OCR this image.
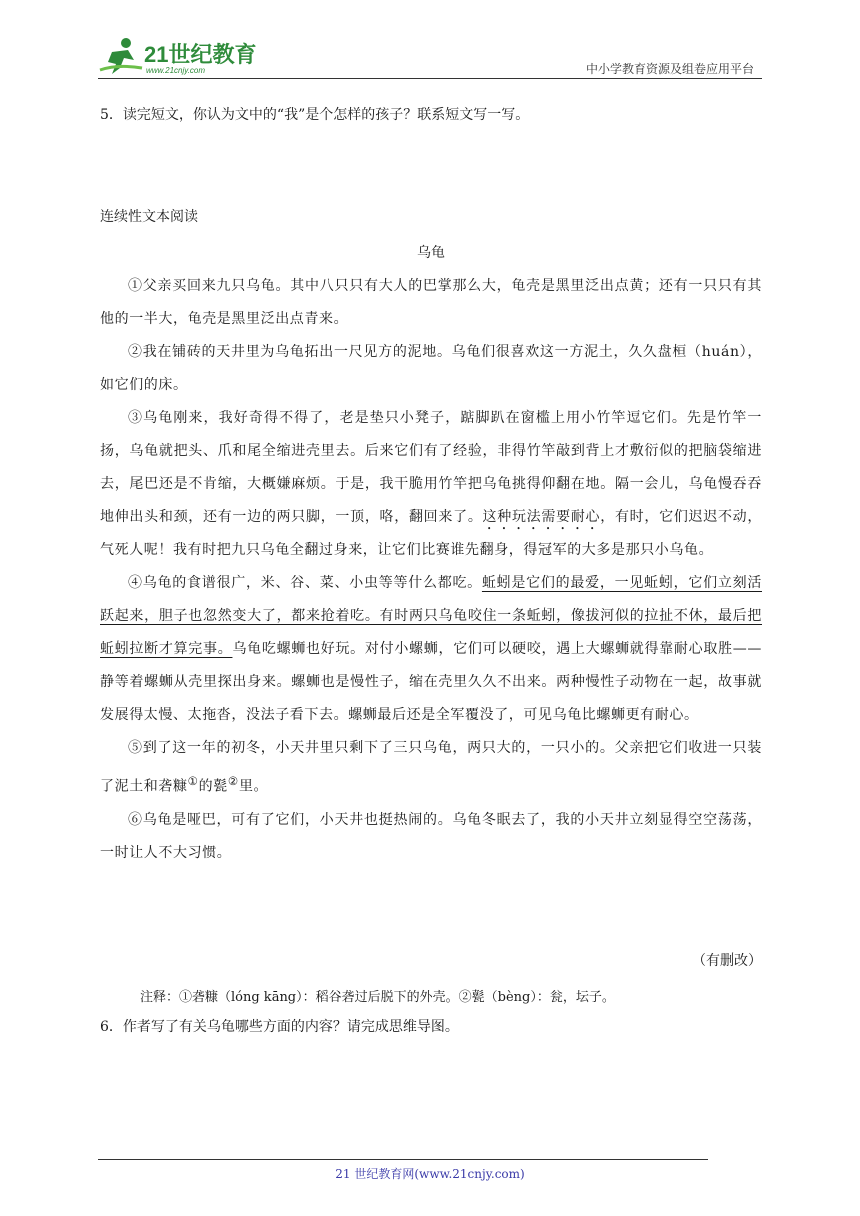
21世纪教育
www.21cnjy.com	中小学教育资源及组卷应用平台

5．读完短文，你认为文中的“我”是个怎样的孩子？联系短文写一写。

连续性文本阅读
乌龟

①父亲买回来九只乌龟。其中八只只有大人的巴掌那么大，龟壳是黑里泛出点黄；还有一只只有其他的一半大，龟壳是黑里泛出点青来。

②我在铺砖的天井里为乌龟拓出一尺见方的泥地。乌龟们很喜欢这一方泥土，久久盘桓（huán），如它们的床。

③乌龟刚来，我好奇得不得了，老是垫只小凳子，踮脚趴在窗槛上用小竹竿逗它们。先是竹竿一扬，乌龟就把头、爪和尾全缩进壳里去。后来它们有了经验，非得竹竿敲到背上才敷衍似的把脑袋缩进去，尾巴还是不肯缩，大概嫌麻烦。于是，我干脆用竹竿把乌龟挑得仰翻在地。隔一会儿，乌龟慢吞吞地伸出头和颈，还有一边的两只脚，一顶，咯，翻回来了。这种玩法需要耐心，有时，它们迟迟不动，气死人呢！我有时把九只乌龟全翻过身来，让它们比赛谁先翻身，得冠军的大多是那只小乌龟。

④乌龟的食谱很广，米、谷、菜、小虫等等什么都吃。蚯蚓是它们的最爱，一见蚯蚓，它们立刻活跃起来，胆子也忽然变大了，都来抢着吃。有时两只乌龟咬住一条蚯蚓，像拔河似的拉扯不休，最后把蚯蚓拉断才算完事。乌龟吃螺蛳也好玩。对付小螺蛳，它们可以硬咬，遇上大螺蛳就得靠耐心取胜——静等着螺蛳从壳里探出身来。螺蛳也是慢性子，缩在壳里久久不出来。两种慢性子动物在一起，故事就发展得太慢、太拖沓，没法子看下去。螺蛳最后还是全军覆没了，可见乌龟比螺蛳更有耐心。

⑤到了这一年的初冬，小天井里只剩下了三只乌龟，两只大的，一只小的。父亲把它们收进一只装了泥土和砻糠①的甏②里。

⑥乌龟是哑巴，可有了它们，小天井也挺热闹的。乌龟冬眠去了，我的小天井立刻显得空空荡荡，一时让人不大习惯。

（有删改）
注释：①砻糠（lóng kāng）：稻谷砻过后脱下的外壳。②甏（bèng）：瓮，坛子。

6．作者写了有关乌龟哪些方面的内容？请完成思维导图。

21 世纪教育网(www.21cnjy.com)
